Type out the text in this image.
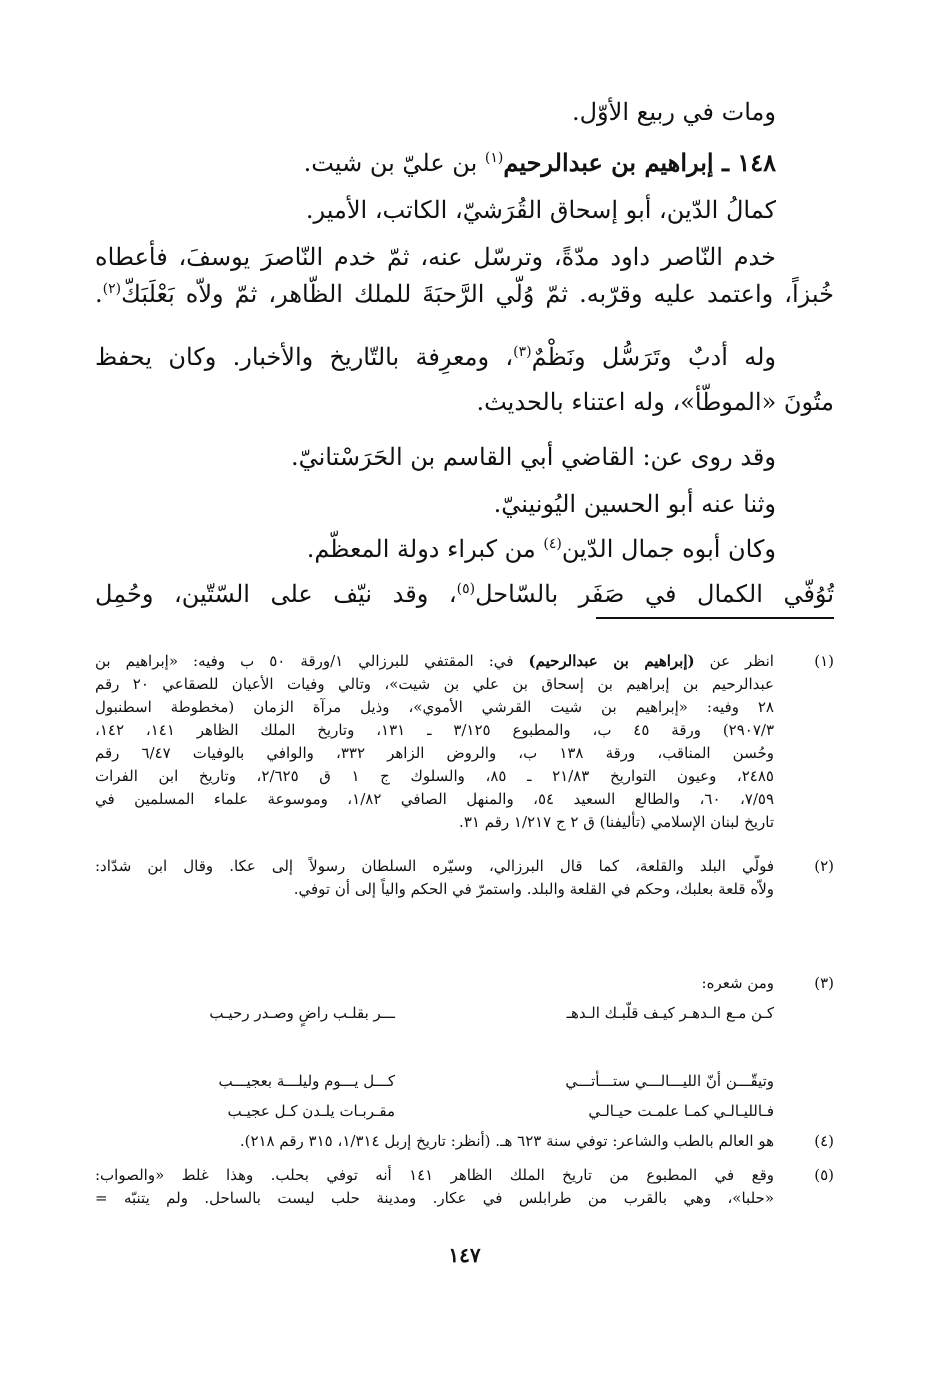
ومات في ربيع الأوّل.
١٤٨ ـ إبراهيم بن عبدالرحيم$^{(١)}$ بن عليّ بن شيت.
كمالُ الدّين، أبو إسحاق القُرَشيّ، الكاتب، الأمير.
خدم النّاصر داود مدّةً، وترسّل عنه، ثمّ خدم النّاصرَ يوسفَ، فأعطاه
خُبزاً، واعتمد عليه وقرّبه. ثمّ وُلّي الرَّحبَةَ للملك الظّاهر، ثمّ ولاّه بَعْلَبَكّ$^{(٢)}$.
وله أدبٌ وتَرَسُّل ونَظْمٌ$^{(٣)}$، ومعرِفة بالتّاريخ والأخبار. وكان يحفظ
متُونَ «الموطّأ»، وله اعتناء بالحديث.
وقد روى عن: القاضي أبي القاسم بن الحَرَسْتانيّ.
وثنا عنه أبو الحسين اليُونينيّ.
وكان أبوه جمال الدّين$^{(٤)}$ من كبراء دولة المعظّم.
تُوُفّي الكمال في صَفَر بالسّاحل$^{(٥)}$، وقد نيّف على السّتّين، وحُمِل
(١)
انظر عن (إبراهيم بن عبدالرحيم) في: المقتفي للبرزالي ١/ورقة ٥٠ ب وفيه: «إبراهيم بن
عبدالرحيم بن إبراهيم بن إسحاق بن علي بن شيت»، وتالي وفيات الأعيان للصقاعي ٢٠ رقم
٢٨ وفيه: «إبراهيم بن شيت القرشي الأموي»، وذيل مرآة الزمان (مخطوطة اسطنبول
٢٩٠٧/٣) ورقة ٤٥ ب، والمطبوع ٣/١٢٥ ـ ١٣١، وتاريخ الملك الظاهر ١٤١، ١٤٢،
وحُسن المناقب، ورقة ١٣٨ ب، والروض الزاهر ٣٣٢، والوافي بالوفيات ٦/٤٧ رقم
٢٤٨٥، وعيون التواريخ ٢١/٨٣ ـ ٨٥، والسلوك ج ١ ق ٢/٦٢٥، وتاريخ ابن الفرات
٧/٥٩، ٦٠، والطالع السعيد ٥٤، والمنهل الصافي ١/٨٢، وموسوعة علماء المسلمين في
تاريخ لبنان الإسلامي (تأليفنا) ق ٢ ج ١/٢١٧ رقم ٣١.
(٢)
فولّي البلد والقلعة، كما قال البرزالي، وسيّره السلطان رسولاً إلى عكا. وقال ابن شدّاد:
ولاّه قلعة بعلبك، وحكم في القلعة والبلد. واستمرّ في الحكم والياً إلى أن توفي.
(٣)
ومن شعره:
كـن مـع الـدهـر كيـف قلّبـك الـدهـ
ـــر بقلـب راضٍ وصـدر رحيـب
وتيقّـــن أنّ الليـــالـــي ستـــأتـــي
كـــل يـــوم وليلـــة بعجيـــب
فـالليـالـي كمـا علمـت حيـالـي
مقـربـات يلـدن كـل عجيـب
(٤)
هو العالم بالطب والشاعر: توفي سنة ٦٢٣ هـ. (أنظر: تاريخ إربل ١/٣١٤، ٣١٥ رقم ٢١٨).
(٥)
وقع في المطبوع من تاريخ الملك الظاهر ١٤١ أنه توفي بحلب. وهذا غلط «والصواب:
«حلبا»، وهي بالقرب من طرابلس في عكار. ومدينة حلب ليست بالساحل. ولم يتنبّه =
١٤٧
